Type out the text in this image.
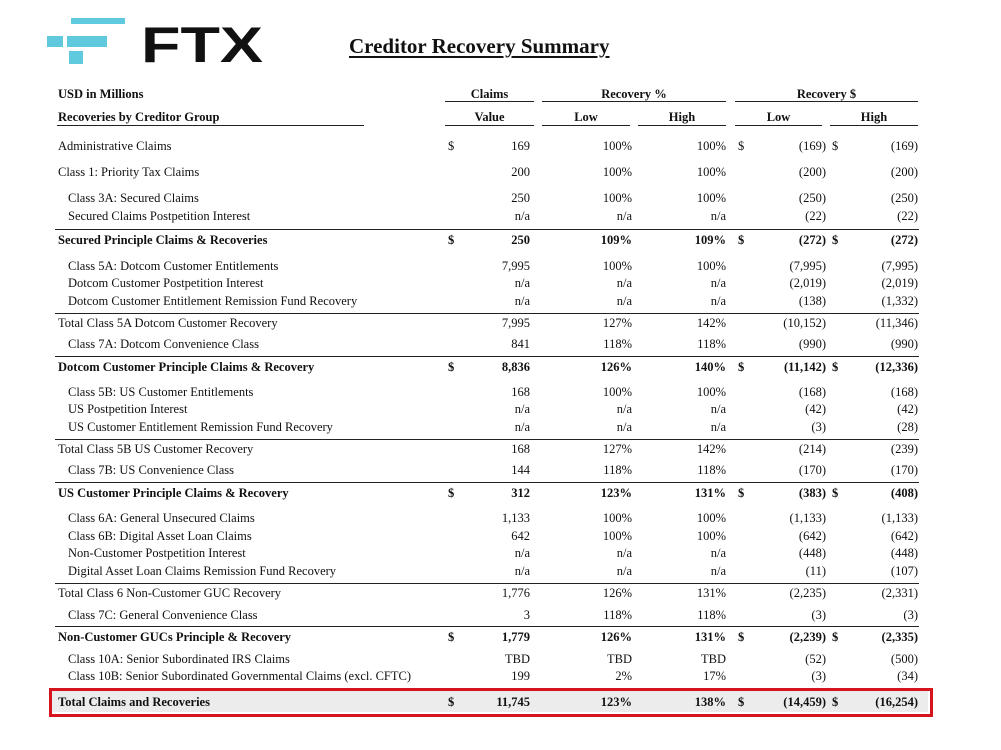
FTX	Creditor Recovery Summary
USD in Millions
Recoveries by Creditor Group
Claims
Value
Recovery %
Low	High
Recovery $
Low	High
Administrative Claims	$	169	100%	100% $	(169) $	(169)
Class 1: Priority Tax Claims	200	100%	100%	(200)	(200)
Class 3A: Secured Claims	250	100%	100%	(250)	(250)
Secured Claims Postpetition Interest	n/a	n/a	n/a	(22)	(22)
Secured Principle Claims & Recoveries	$	250	109%	109% $	(272) $	(272)
Class 5A: Dotcom Customer Entitlements	7,995	100%	100%	(7,995)	(7,995)
Dotcom Customer Postpetition Interest	n/a	n/a	n/a	(2,019)	(2,019)
Dotcom Customer Entitlement Remission Fund Recovery	n/a	n/a	n/a	(138)	(1,332)
Total Class 5A Dotcom Customer Recovery	7,995	127%	142%	(10,152)	(11,346)
Class 7A: Dotcom Convenience Class	841	118%	118%	(990)	(990)
Dotcom Customer Principle Claims & Recovery	$	8,836	126%	140% $	(11,142) $	(12,336)
Class 5B: US Customer Entitlements	168	100%	100%	(168)	(168)
US Postpetition Interest	n/a	n/a	n/a	(42)	(42)
US Customer Entitlement Remission Fund Recovery	n/a	n/a	n/a	(3)	(28)
Total Class 5B US Customer Recovery	168	127%	142%	(214)	(239)
Class 7B: US Convenience Class	144	118%	118%	(170)	(170)
US Customer Principle Claims & Recovery	$	312	123%	131% $	(383) $	(408)
Class 6A: General Unsecured Claims	1,133	100%	100%	(1,133)	(1,133)
Class 6B: Digital Asset Loan Claims	642	100%	100%	(642)	(642)
Non-Customer Postpetition Interest	n/a	n/a	n/a	(448)	(448)
Digital Asset Loan Claims Remission Fund Recovery	n/a	n/a	n/a	(11)	(107)
Total Class 6 Non-Customer GUC Recovery	1,776	126%	131%	(2,235)	(2,331)
Class 7C: General Convenience Class	3	118%	118%	(3)	(3)
Non-Customer GUCs Principle & Recovery	$	1,779	126%	131% $	(2,239) $	(2,335)
Class 10A: Senior Subordinated IRS Claims	TBD	TBD	TBD	(52)	(500)
Class 10B: Senior Subordinated Governmental Claims (excl. CFTC)	199	2%	17%	(3)	(34)
Total Claims and Recoveries	$	11,745	123%	138% $	(14,459) $	(16,254)
